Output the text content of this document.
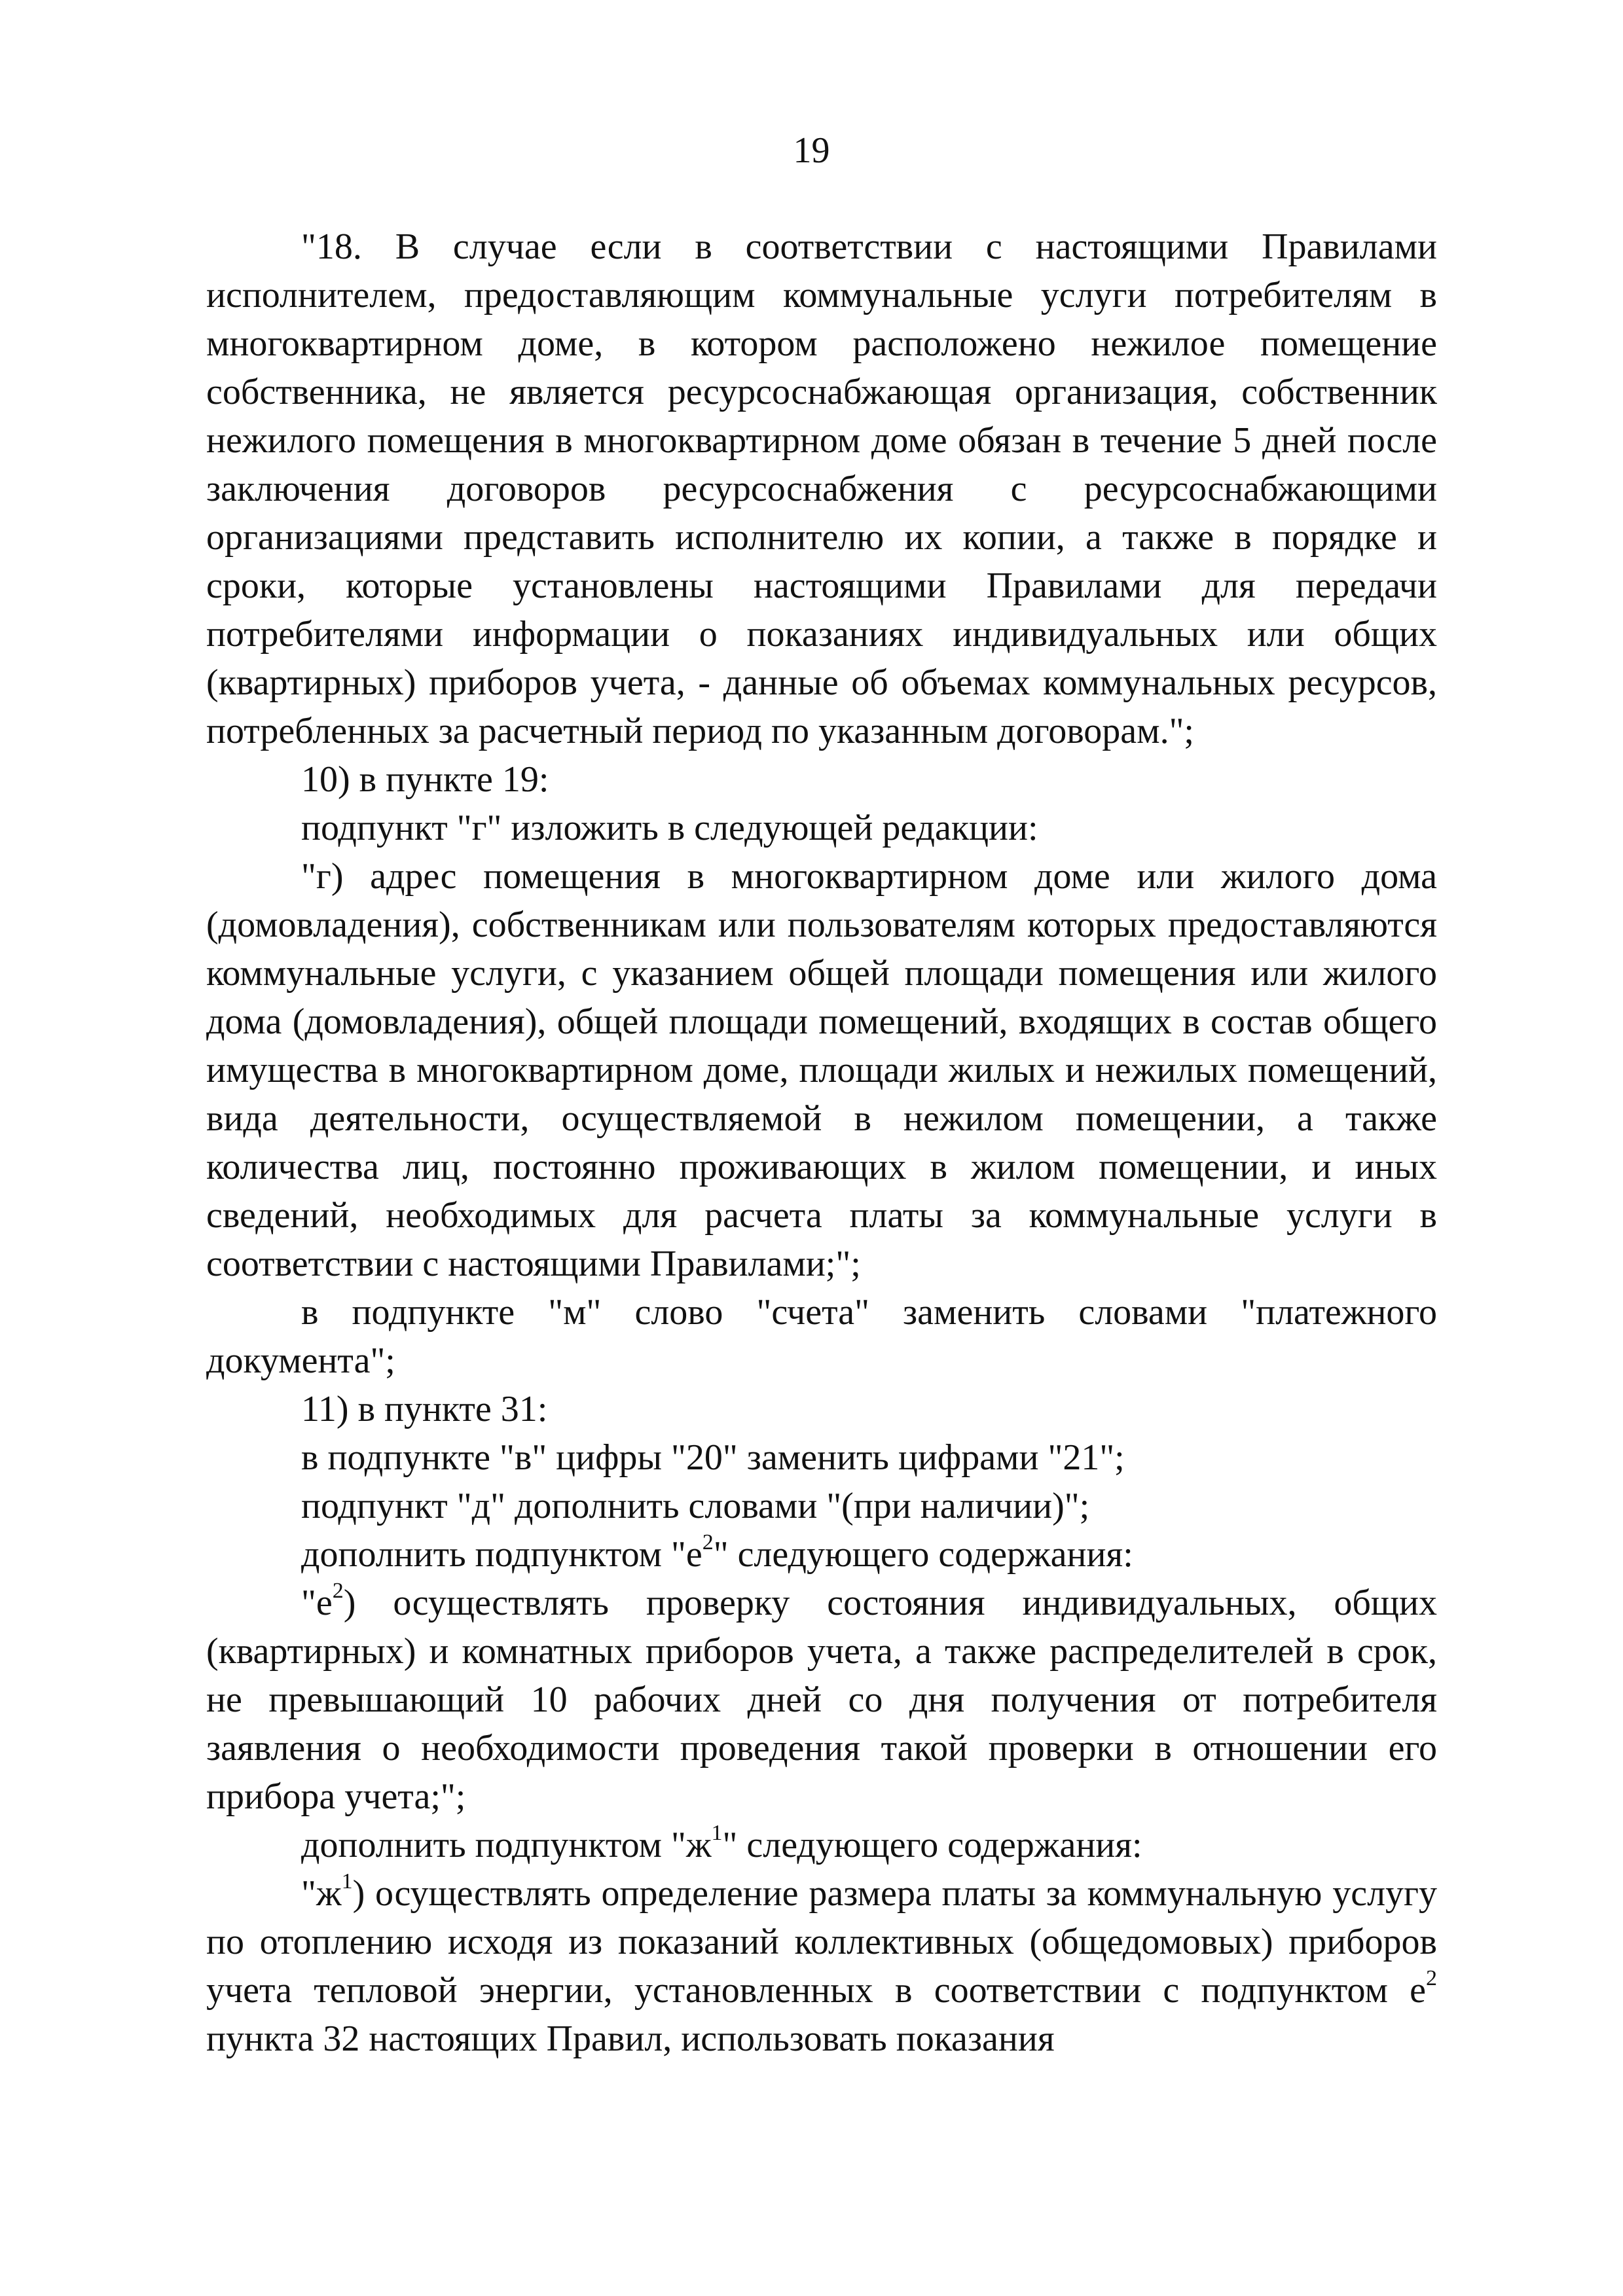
19

"18. В случае если в соответствии с настоящими Правилами исполнителем, предоставляющим коммунальные услуги потребителям в многоквартирном доме, в котором расположено нежилое помещение собственника, не является ресурсоснабжающая организация, собственник нежилого помещения в многоквартирном доме обязан в течение 5 дней после заключения договоров ресурсоснабжения с ресурсоснабжающими организациями представить исполнителю их копии, а также в порядке и сроки, которые установлены настоящими Правилами для передачи потребителями информации о показаниях индивидуальных или общих (квартирных) приборов учета, - данные об объемах коммунальных ресурсов, потребленных за расчетный период по указанным договорам.";

10) в пункте 19:

подпункт "г" изложить в следующей редакции:

"г) адрес помещения в многоквартирном доме или жилого дома (домовладения), собственникам или пользователям которых предоставляются коммунальные услуги, с указанием общей площади помещения или жилого дома (домовладения), общей площади помещений, входящих в состав общего имущества в многоквартирном доме, площади жилых и нежилых помещений, вида деятельности, осуществляемой в нежилом помещении, а также количества лиц, постоянно проживающих в жилом помещении, и иных сведений, необходимых для расчета платы за коммунальные услуги в соответствии с настоящими Правилами;";

в подпункте "м" слово "счета" заменить словами "платежного документа";

11) в пункте 31:

в подпункте "в" цифры "20" заменить цифрами "21";

подпункт "д" дополнить словами "(при наличии)";

дополнить подпунктом "$е^2$" следующего содержания:

"$е^2$) осуществлять проверку состояния индивидуальных, общих (квартирных) и комнатных приборов учета, а также распределителей в срок, не превышающий 10 рабочих дней со дня получения от потребителя заявления о необходимости проведения такой проверки в отношении его прибора учета;";

дополнить подпунктом "$ж^1$" следующего содержания:

"$ж^1$) осуществлять определение размера платы за коммунальную услугу по отоплению исходя из показаний коллективных (общедомовых) приборов учета тепловой энергии, установленных в соответствии с подпунктом $е^2$ пункта 32 настоящих Правил, использовать показания
